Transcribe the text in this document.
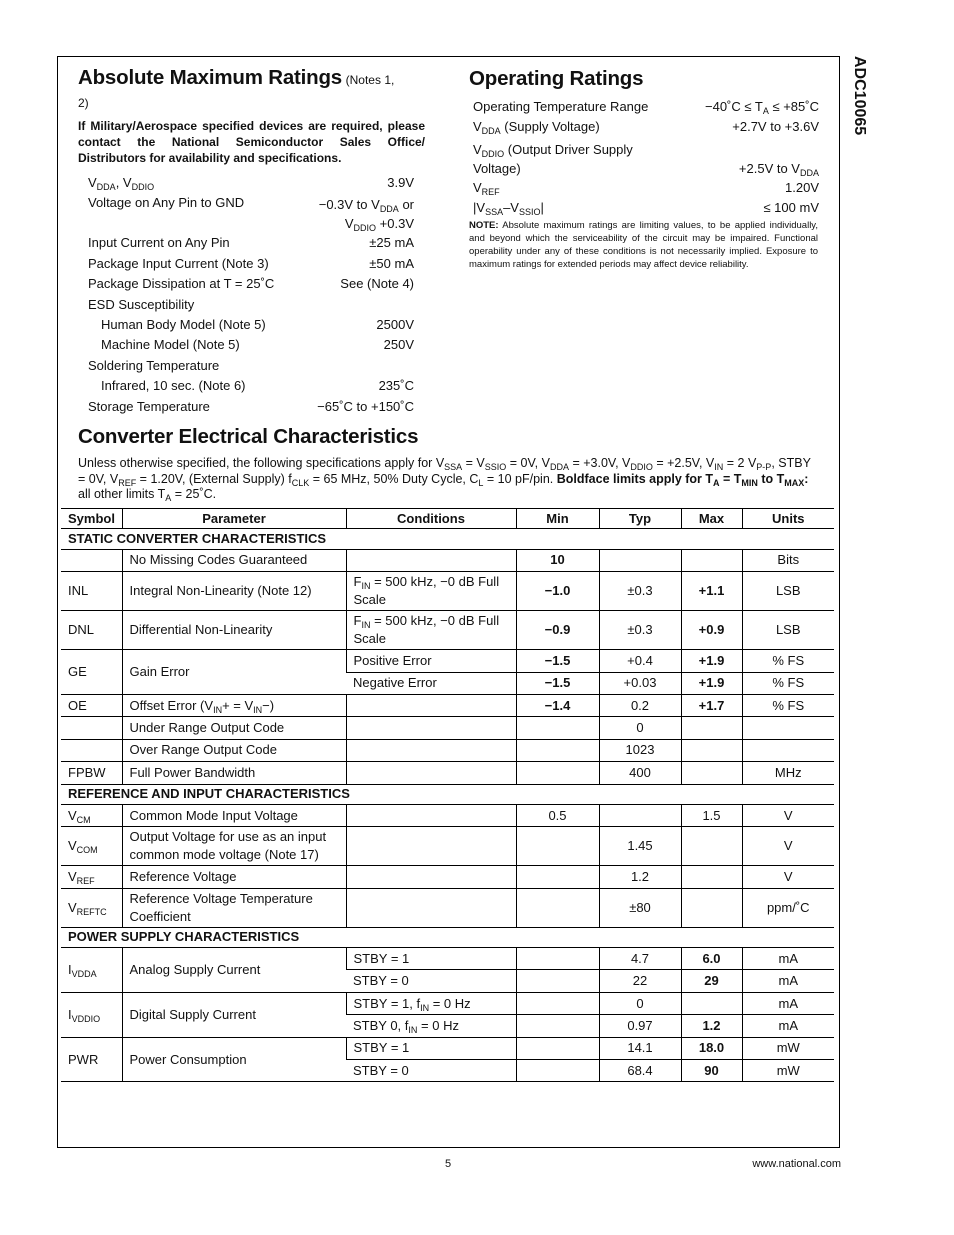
ADC10065
Absolute Maximum Ratings (Notes 1,
2)
If Military/Aerospace specified devices are required, please contact the National Semiconductor Sales Office/ Distributors for availability and specifications.
$V_{DDA}$, $V_{DDIO}$	3.9V
Voltage on Any Pin to GND	−0.3V to $V_{DDA}$ or
$V_{DDIO} +0.3V$
Input Current on Any Pin	±25 mA
Package Input Current (Note 3)	±50 mA
Package Dissipation at T = 25˚C	See (Note 4)
ESD Susceptibility
Human Body Model (Note 5)	2500V
Machine Model (Note 5)	250V
Soldering Temperature
Infrared, 10 sec. (Note 6)	235˚C
Storage Temperature	−65˚C to +150˚C
Operating Ratings
Operating Temperature Range	−40˚C ≤ $T_A$ ≤ +85˚C
$V_{DDA}$ (Supply Voltage)	+2.7V to +3.6V
$V_{DDIO}$ (Output Driver Supply
Voltage)	+2.5V to $V_{DDA}$
$V_{REF}$	1.20V
$|V_{SSA}-V_{SSIO}|$	≤ 100 mV
NOTE: Absolute maximum ratings are limiting values, to be applied individually, and beyond which the serviceability of the circuit may be impaired. Functional operability under any of these conditions is not necessarily implied. Exposure to maximum ratings for extended periods may affect device reliability.
Converter Electrical Characteristics
Unless otherwise specified, the following specifications apply for $V_{SSA} = V_{SSIO} = 0V$, $V_{DDA} = +3.0V$, $V_{DDIO} = +2.5V$, $V_{IN} = 2$ $V_{P-P}$, STBY = 0V, $V_{REF} = 1.20V$, (External Supply) $f_{CLK} = 65$ MHz, 50% Duty Cycle, $C_L = 10$ pF/pin. Boldface limits apply for $T_A = T_{MIN}$ to $T_{MAX}$: all other limits $T_A$ = 25˚C.
Symbol	Parameter	Conditions	Min	Typ	Max	Units
STATIC CONVERTER CHARACTERISTICS						
	No Missing Codes Guaranteed		10			Bits
INL	Integral Non-Linearity (Note 12)	$F_{IN} = 500$ kHz, −0 dB Full Scale	−1.0	±0.3	+1.1	LSB
DNL	Differential Non-Linearity	$F_{IN} = 500$ kHz, −0 dB Full Scale	−0.9	±0.3	+0.9	LSB
GE	Gain Error	Positive Error	−1.5	+0.4	+1.9	% FS
		Negative Error	−1.5	+0.03	+1.9	% FS
OE	Offset Error $(V_{IN}+ = V_{IN}-)$		−1.4	0.2	+1.7	% FS
	Under Range Output Code			0		
	Over Range Output Code			1023		
FPBW	Full Power Bandwidth			400		MHz
REFERENCE AND INPUT CHARACTERISTICS						
$V_{CM}$	Common Mode Input Voltage		0.5		1.5	V
$V_{COM}$	Output Voltage for use as an input common mode voltage (Note 17)			1.45		V
$V_{REF}$	Reference Voltage			1.2		V
$V_{REFTC}$	Reference Voltage Temperature Coefficient			±80		ppm/˚C
POWER SUPPLY CHARACTERISTICS						
$I_{VDDA}$	Analog Supply Current	STBY = 1		4.7	6.0	mA
		STBY = 0		22	29	mA
$I_{VDDIO}$	Digital Supply Current	STBY = 1, $f_{IN} = 0$ Hz		0		mA
		STBY 0, $f_{IN} = 0$ Hz		0.97	1.2	mA
PWR	Power Consumption	STBY = 1		14.1	18.0	mW
		STBY = 0		68.4	90	mW
5	www.national.com
